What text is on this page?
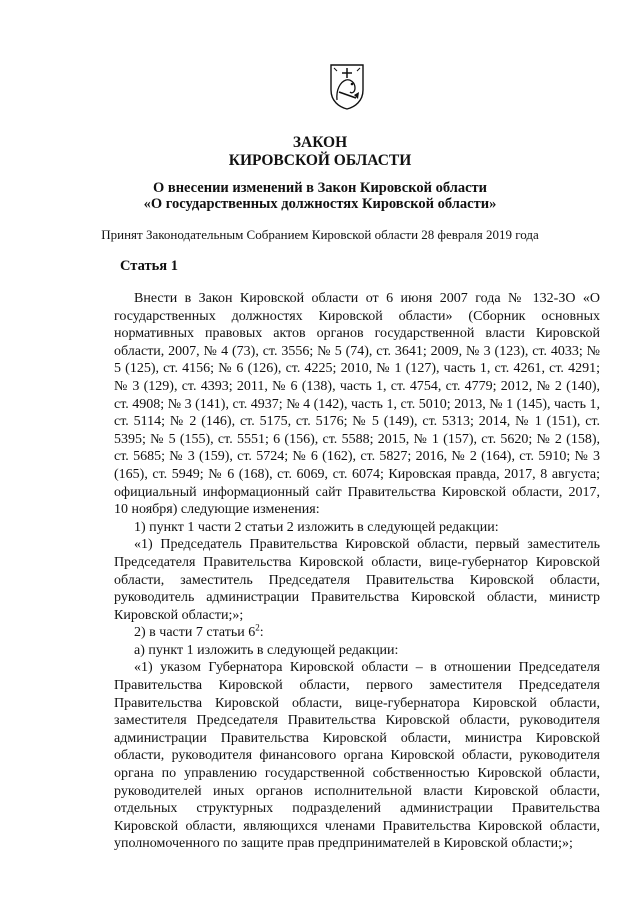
ЗАКОН
КИРОВСКОЙ ОБЛАСТИ
О внесении изменений в Закон Кировской области
«О государственных должностях Кировской области»
Принят Законодательным Собранием Кировской области 28 февраля 2019 года
Статья 1

Внести в Закон Кировской области от 6 июня 2007 года № 132-ЗО «О государственных должностях Кировской области» (Сборник основных нормативных правовых актов органов государственной власти Кировской области, 2007, № 4 (73), ст. 3556; № 5 (74), ст. 3641; 2009, № 3 (123), ст. 4033; № 5 (125), ст. 4156; № 6 (126), ст. 4225; 2010, № 1 (127), часть 1, ст. 4261, ст. 4291; № 3 (129), ст. 4393; 2011, № 6 (138), часть 1, ст. 4754, ст. 4779; 2012, № 2 (140), ст. 4908; № 3 (141), ст. 4937; № 4 (142), часть 1, ст. 5010; 2013, № 1 (145), часть 1, ст. 5114; № 2 (146), ст. 5175, ст. 5176; № 5 (149), ст. 5313; 2014, № 1 (151), ст. 5395; № 5 (155), ст. 5551; 6 (156), ст. 5588; 2015, № 1 (157), ст. 5620; № 2 (158), ст. 5685; № 3 (159), ст. 5724; № 6 (162), ст. 5827; 2016, № 2 (164), ст. 5910; № 3 (165), ст. 5949; № 6 (168), ст. 6069, ст. 6074; Кировская правда, 2017, 8 августа; официальный информационный сайт Правительства Кировской области, 2017, 10 ноября) следующие изменения:

1) пункт 1 части 2 статьи 2 изложить в следующей редакции:

«1) Председатель Правительства Кировской области, первый заместитель Председателя Правительства Кировской области, вице-губернатор Кировской области, заместитель Председателя Правительства Кировской области, руководитель администрации Правительства Кировской области, министр Кировской области;»;

2) в части 7 статьи $6^2$:

а) пункт 1 изложить в следующей редакции:

«1) указом Губернатора Кировской области – в отношении Председателя Правительства Кировской области, первого заместителя Председателя Правительства Кировской области, вице-губернатора Кировской области, заместителя Председателя Правительства Кировской области, руководителя администрации Правительства Кировской области, министра Кировской области, руководителя финансового органа Кировской области, руководителя органа по управлению государственной собственностью Кировской области, руководителей иных органов исполнительной власти Кировской области, отдельных структурных подразделений администрации Правительства Кировской области, являющихся членами Правительства Кировской области, уполномоченного по защите прав предпринимателей в Кировской области;»;
